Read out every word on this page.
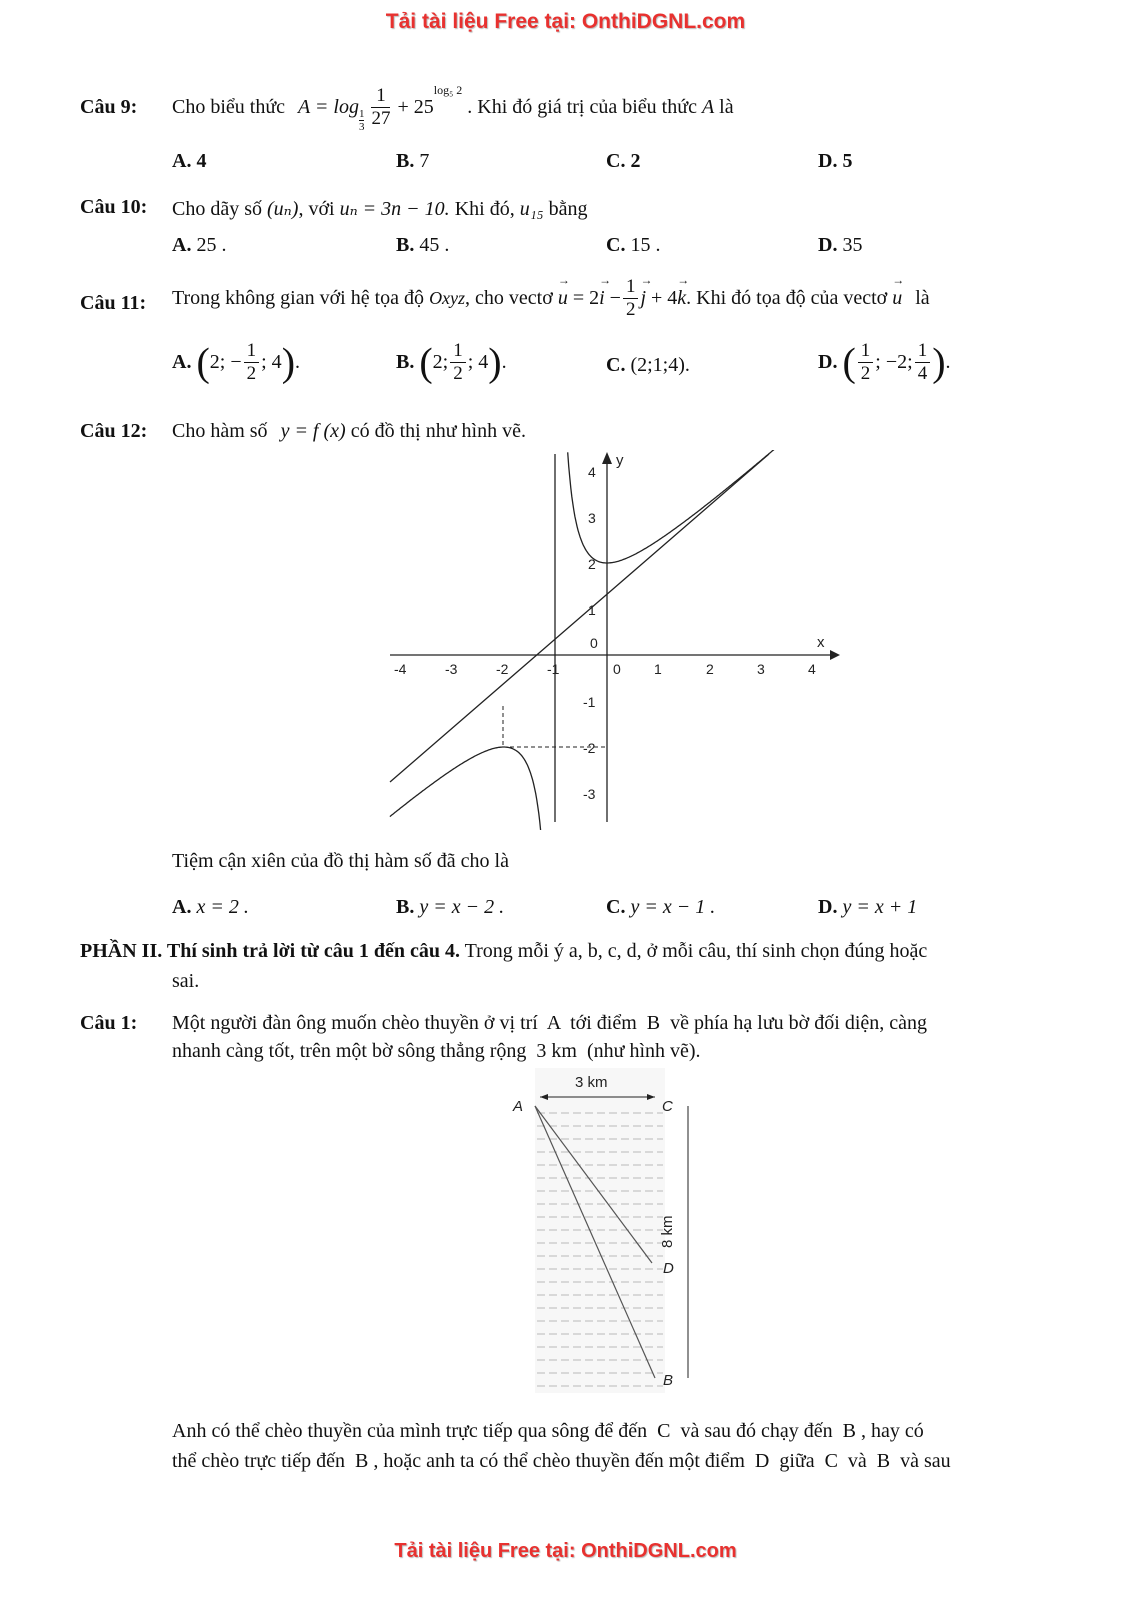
Tải tài liệu Free tại: OnthiDGNL.com
Câu 9: Cho biểu thức A = log
$\frac{1}{3}$
$\frac{1}{27} + 25^{log_5 2}$ . Khi đó giá trị của biểu thức A là
A. 4	B. 7	C. 2	D. 5
Câu 10: Cho dãy số (uₙ), với uₙ = 3n − 10. Khi đó, u₁₅ bằng
A. 25 .	B. 45 .	C. 15 .	D. 35
Câu 11: Trong không gian với hệ tọa độ Oxyz, cho vectơ → $u = 2\to i - \frac{1}{2}$
→ j + 4→ k. Khi đó tọa độ của vectơ → u là
A. (2; − $\frac{1}{2}$ ; 4).	B. (2; $\frac{1}{2}$ ; 4).	C. (2;1;4).	D. ( $\frac{1}{2}$ ; −2; $\frac{1}{4}$ ).
Câu 12: Cho hàm số y = f (x) có đồ thị như hình vẽ.
-4	-3	-2	-1	0 1	2	3	4
4
3
2
1
0
-1
-2
-3
x
y
Tiệm cận xiên của đồ thị hàm số đã cho là
A. x = 2 .	B. y = x − 2 .	C. y = x − 1 .	D. y = x + 1
PHẦN II. Thí sinh trả lời từ câu 1 đến câu 4. Trong mỗi ý a, b, c, d, ở mỗi câu, thí sinh chọn đúng hoặc
sai.
Câu 1: Một người đàn ông muốn chèo thuyền ở vị trí  A  tới điểm  B  về phía hạ lưu bờ đối diện, càng
nhanh càng tốt, trên một bờ sông thẳng rộng  3 km  (như hình vẽ).
3 km
A	C
D
B
8 km
Anh có thể chèo thuyền của mình trực tiếp qua sông để đến  C  và sau đó chạy đến  B , hay có
thể chèo trực tiếp đến  B , hoặc anh ta có thể chèo thuyền đến một điểm  D  giữa  C  và  B  và sau
Tải tài liệu Free tại: OnthiDGNL.com
